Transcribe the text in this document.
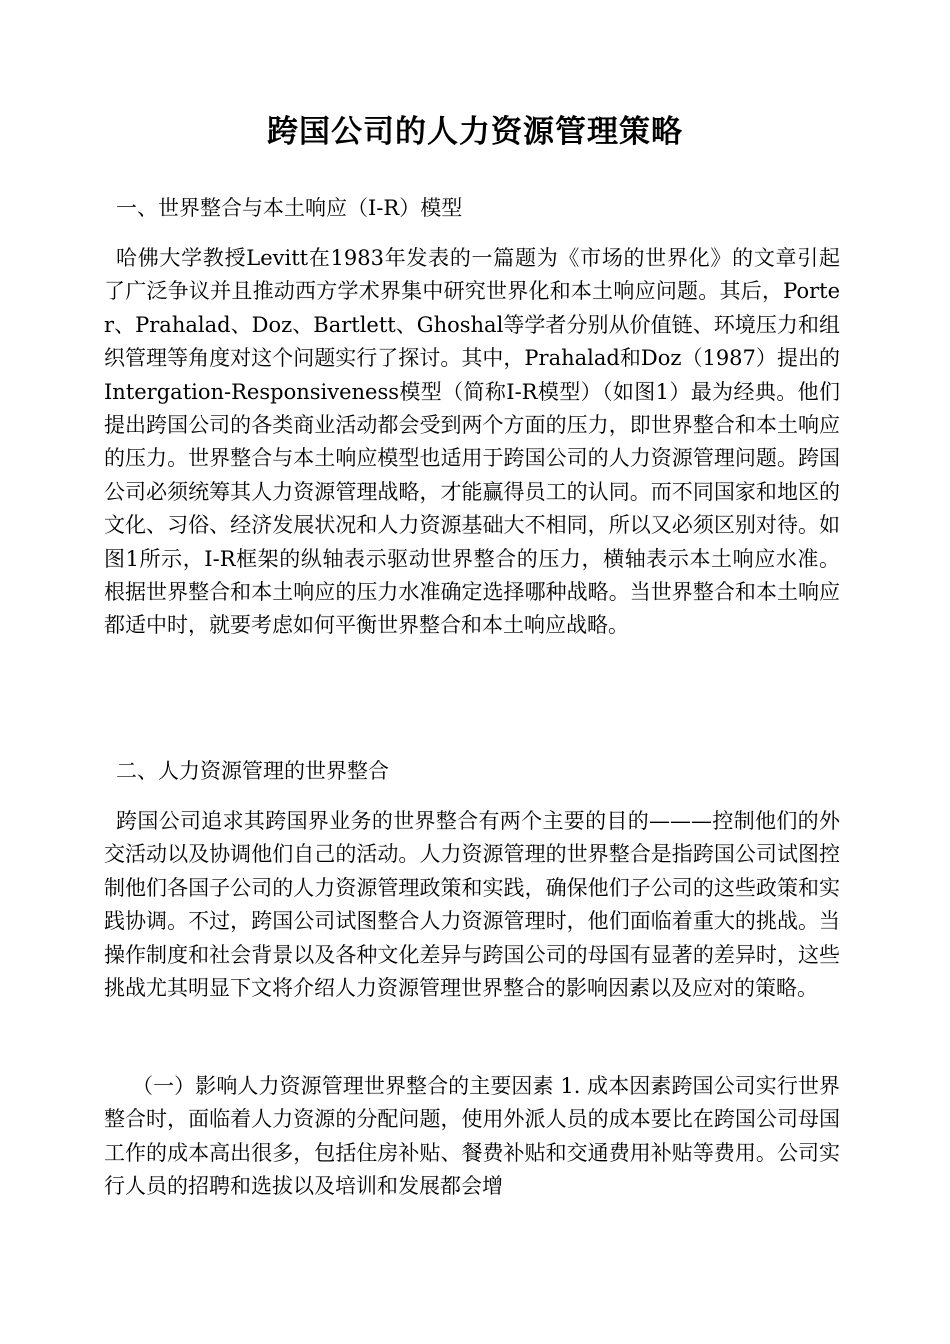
跨国公司的人力资源管理策略
一、世界整合与本土响应（I-R）模型
哈佛大学教授Levitt在1983年发表的一篇题为《市场的世界化》的文章引起了广泛争议并且推动西方学术界集中研究世界化和本土响应问题。其后，Porter、Prahalad、Doz、Bartlett、Ghoshal等学者分别从价值链、环境压力和组织管理等角度对这个问题实行了探讨。其中，Prahalad和Doz（1987）提出的Intergation-Responsiveness模型（简称I-R模型）（如图1）最为经典。他们提出跨国公司的各类商业活动都会受到两个方面的压力，即世界整合和本土响应的压力。世界整合与本土响应模型也适用于跨国公司的人力资源管理问题。跨国公司必须统筹其人力资源管理战略，才能赢得员工的认同。而不同国家和地区的文化、习俗、经济发展状况和人力资源基础大不相同，所以又必须区别对待。如图1所示，I-R框架的纵轴表示驱动世界整合的压力，横轴表示本土响应水准。根据世界整合和本土响应的压力水准确定选择哪种战略。当世界整合和本土响应都适中时，就要考虑如何平衡世界整合和本土响应战略。
二、人力资源管理的世界整合
跨国公司追求其跨国界业务的世界整合有两个主要的目的———控制他们的外交活动以及协调他们自己的活动。人力资源管理的世界整合是指跨国公司试图控制他们各国子公司的人力资源管理政策和实践，确保他们子公司的这些政策和实践协调。不过，跨国公司试图整合人力资源管理时，他们面临着重大的挑战。当操作制度和社会背景以及各种文化差异与跨国公司的母国有显著的差异时，这些挑战尤其明显下文将介绍人力资源管理世界整合的影响因素以及应对的策略。
（一）影响人力资源管理世界整合的主要因素 1. 成本因素跨国公司实行世界整合时，面临着人力资源的分配问题，使用外派人员的成本要比在跨国公司母国工作的成本高出很多，包括住房补贴、餐费补贴和交通费用补贴等费用。公司实行人员的招聘和选拔以及培训和发展都会增
